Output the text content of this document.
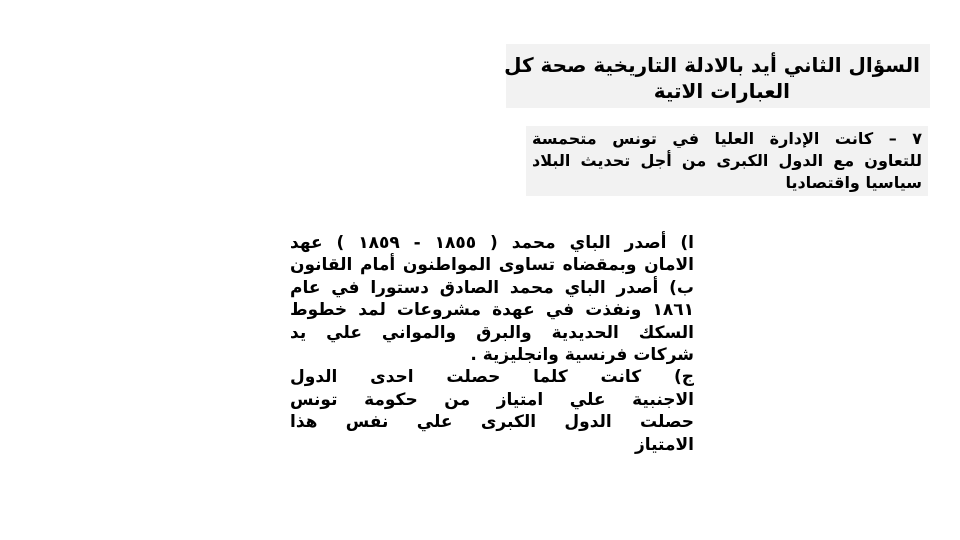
السؤال الثاني أيد بالادلة التاريخية صحة كل
العبارات الاتية
٧ – كانت الإدارة العليا في تونس متحمسة
للتعاون مع الدول الكبرى من أجل تحديث البلاد
سياسيا واقتصاديا
ا) أصدر الباي محمد ( ١٨٥٥ - ١٨٥٩ ) عهد
الامان وبمقضاه تساوى المواطنون أمام القانون
ب) أصدر الباي محمد الصادق دستورا في عام
١٨٦١ ونفذت في عهدة مشروعات لمد خطوط
السكك الحديدية والبرق والمواني علي يد
شركات فرنسية وانجليزية .
ج) كانت كلما حصلت احدى الدول
الاجنبية علي امتياز من حكومة تونس
حصلت الدول الكبرى علي نفس هذا
الامتياز
